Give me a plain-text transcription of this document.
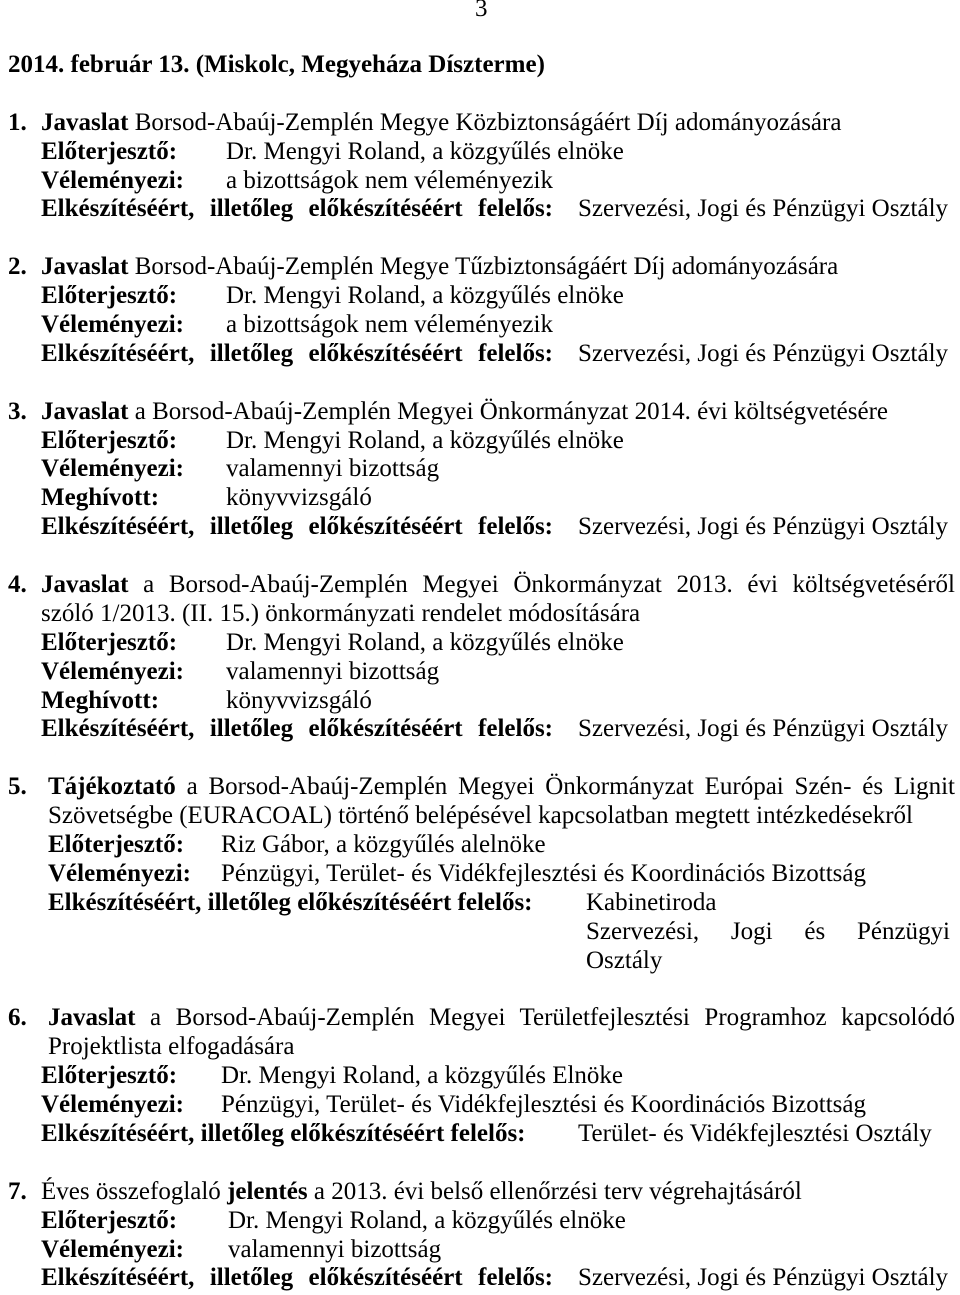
3
2014. február 13. (Miskolc, Megyeháza Díszterme)
1. Javaslat Borsod-Abaúj-Zemplén Megye Közbiztonságáért Díj adományozására
Előterjesztő: Dr. Mengyi Roland, a közgyűlés elnöke
Véleményezi: a bizottságok nem véleményezik
Elkészítéséért, illetőleg előkészítéséért felelős: Szervezési, Jogi és Pénzügyi Osztály
2. Javaslat Borsod-Abaúj-Zemplén Megye Tűzbiztonságáért Díj adományozására
Előterjesztő: Dr. Mengyi Roland, a közgyűlés elnöke
Véleményezi: a bizottságok nem véleményezik
Elkészítéséért, illetőleg előkészítéséért felelős: Szervezési, Jogi és Pénzügyi Osztály
3. Javaslat a Borsod-Abaúj-Zemplén Megyei Önkormányzat 2014. évi költségvetésére
Előterjesztő: Dr. Mengyi Roland, a közgyűlés elnöke
Véleményezi: valamennyi bizottság
Meghívott:	könyvvizsgáló
Elkészítéséért, illetőleg előkészítéséért felelős: Szervezési, Jogi és Pénzügyi Osztály
4. Javaslat a Borsod-Abaúj-Zemplén Megyei Önkormányzat 2013. évi költségvetéséről
szóló 1/2013. (II. 15.) önkormányzati rendelet módosítására
Előterjesztő: Dr. Mengyi Roland, a közgyűlés elnöke
Véleményezi: valamennyi bizottság
Meghívott:	könyvvizsgáló
Elkészítéséért, illetőleg előkészítéséért felelős: Szervezési, Jogi és Pénzügyi Osztály
5. Tájékoztató a Borsod-Abaúj-Zemplén Megyei Önkormányzat Európai Szén- és Lignit
Szövetségbe (EURACOAL) történő belépésével kapcsolatban megtett intézkedésekről
Előterjesztő: Riz Gábor, a közgyűlés alelnöke
Véleményezi: Pénzügyi, Terület- és Vidékfejlesztési és Koordinációs Bizottság
Elkészítéséért, illetőleg előkészítéséért felelős: Kabinetiroda
Szervezési, Jogi és Pénzügyi Osztály
6. Javaslat a Borsod-Abaúj-Zemplén Megyei Területfejlesztési Programhoz kapcsolódó
Projektlista elfogadására
Előterjesztő: Dr. Mengyi Roland, a közgyűlés Elnöke
Véleményezi: Pénzügyi, Terület- és Vidékfejlesztési és Koordinációs Bizottság
Elkészítéséért, illetőleg előkészítéséért felelős: Terület- és Vidékfejlesztési Osztály
7. Éves összefoglaló jelentés a 2013. évi belső ellenőrzési terv végrehajtásáról
Előterjesztő: Dr. Mengyi Roland, a közgyűlés elnöke
Véleményezi: valamennyi bizottság
Elkészítéséért, illetőleg előkészítéséért felelős: Szervezési, Jogi és Pénzügyi Osztály
